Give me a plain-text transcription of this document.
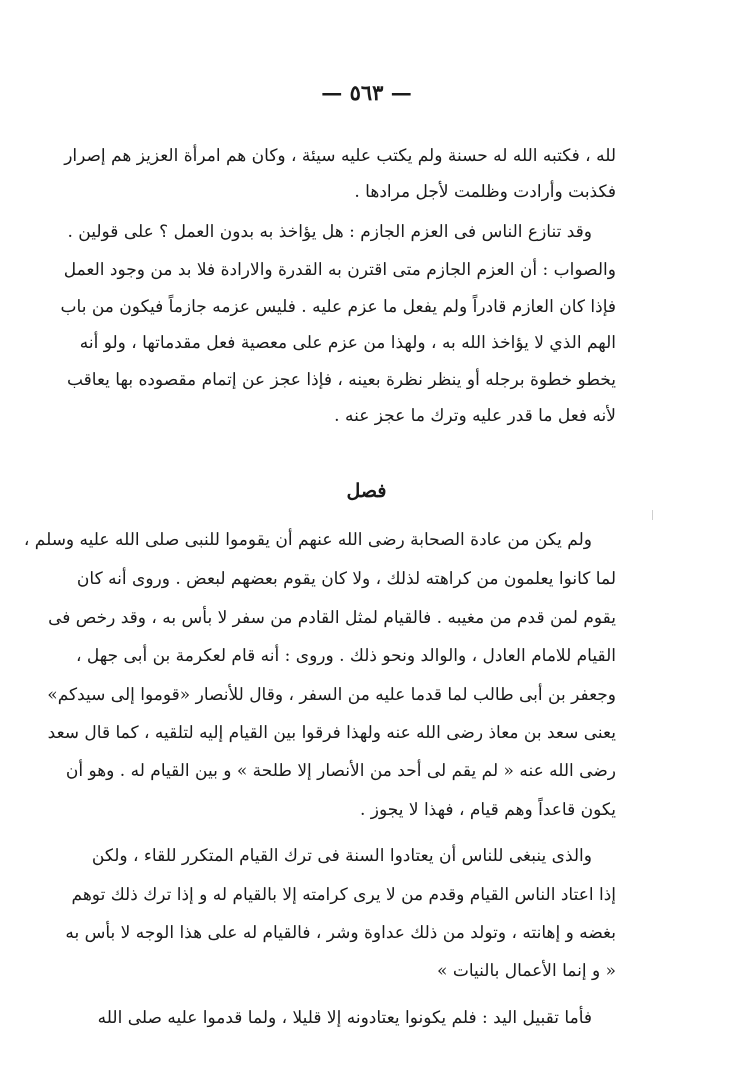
— ٥٦٣ —
لله ، فكتبه الله له حسنة ولم يكتب عليه سيئة ، وكان هم امرأة العزيز هم إصرار
فكذبت وأرادت وظلمت لأجل مرادها .
وقد تنازع الناس فى العزم الجازم : هل يؤاخذ به بدون العمل ؟ على قولين .
والصواب : أن العزم الجازم متى اقترن به القدرة والارادة فلا بد من وجود العمل
فإذا كان العازم قادراً ولم يفعل ما عزم عليه . فليس عزمه جازماً فيكون من باب
الهم الذي لا يؤاخذ الله به ، ولهذا من عزم على معصية فعل مقدماتها ، ولو أنه
يخطو خطوة برجله أو ينظر نظرة بعينه ، فإذا عجز عن إتمام مقصوده بها يعاقب
لأنه فعل ما قدر عليه وترك ما عجز عنه .
فصل
ولم يكن من عادة الصحابة رضى الله عنهم أن يقوموا للنبى صلى الله عليه وسلم ،
لما كانوا يعلمون من كراهته لذلك ، ولا كان يقوم بعضهم لبعض . وروى أنه كان
يقوم لمن قدم من مغيبه . فالقيام لمثل القادم من سفر لا بأس به ، وقد رخص فى
القيام للامام العادل ، والوالد ونحو ذلك . وروى : أنه قام لعكرمة بن أبى جهل ،
وجعفر بن أبى طالب لما قدما عليه من السفر ، وقال للأنصار «قوموا إلى سيدكم»
يعنى سعد بن معاذ رضى الله عنه ولهذا فرقوا بين القيام إليه لتلقيه ، كما قال سعد
رضى الله عنه « لم يقم لى أحد من الأنصار إلا طلحة » و بين القيام له . وهو أن
يكون قاعداً وهم قيام ، فهذا لا يجوز .
والذى ينبغى للناس أن يعتادوا السنة فى ترك القيام المتكرر للقاء ، ولكن
إذا اعتاد الناس القيام وقدم من لا يرى كرامته إلا بالقيام له و إذا ترك ذلك توهم
بغضه و إهانته ، وتولد من ذلك عداوة وشر ، فالقيام له على هذا الوجه لا بأس به
« و إنما الأعمال بالنيات »
فأما تقبيل اليد : فلم يكونوا يعتادونه إلا قليلا ، ولما قدموا عليه صلى الله
